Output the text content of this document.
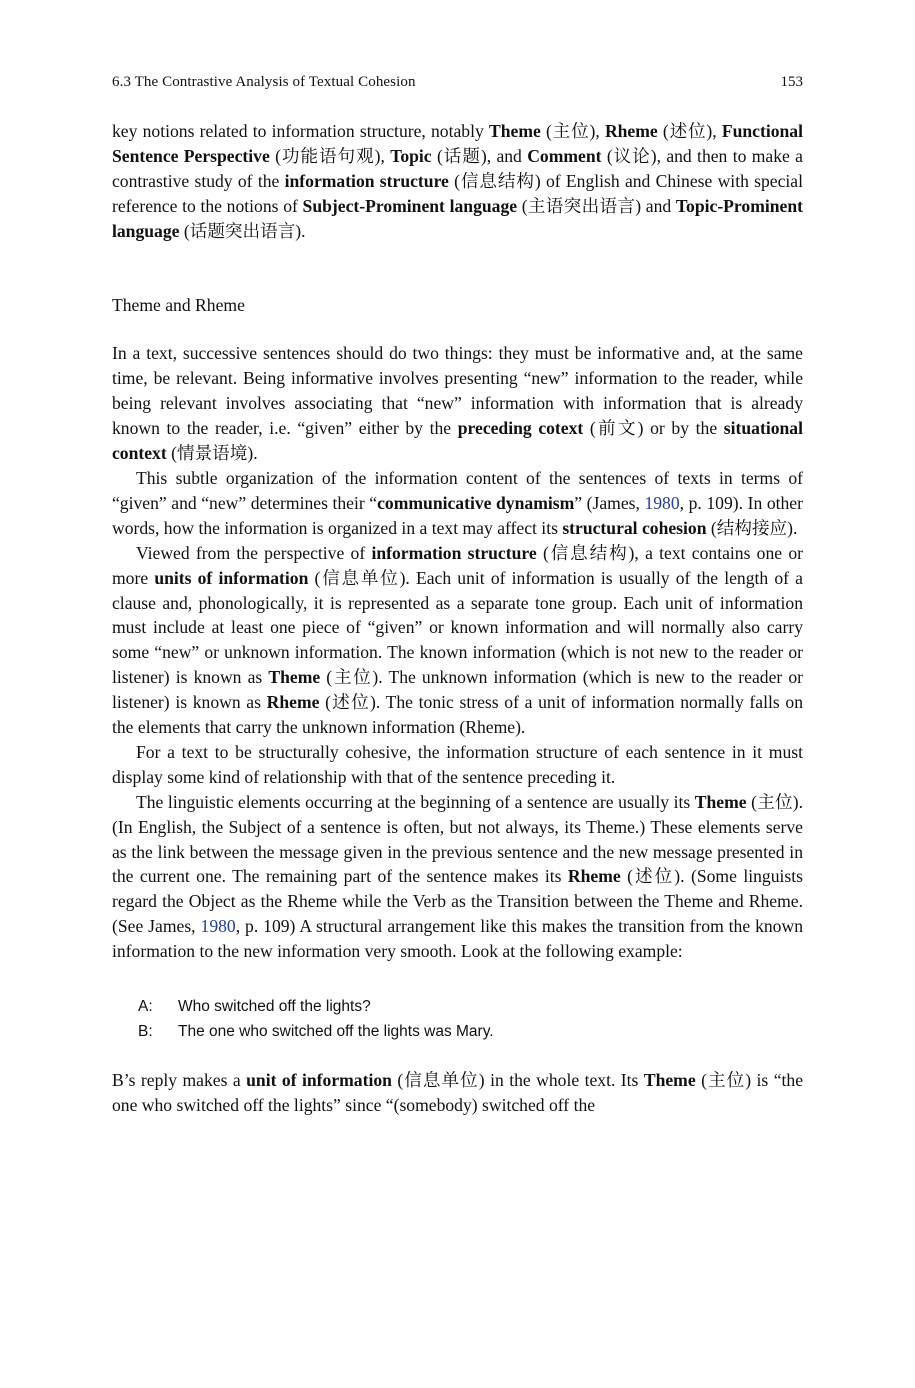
6.3 The Contrastive Analysis of Textual Cohesion	153

key notions related to information structure, notably Theme (主位), Rheme (述位), Functional Sentence Perspective (功能语句观), Topic (话题), and Comment (议论), and then to make a contrastive study of the information structure (信息结构) of English and Chinese with special reference to the notions of Subject-Prominent language (主语突出语言) and Topic-Prominent language (话题突出语言).

Theme and Rheme

In a text, successive sentences should do two things: they must be informative and, at the same time, be relevant. Being informative involves presenting “new” information to the reader, while being relevant involves associating that “new” information with information that is already known to the reader, i.e. “given” either by the preceding cotext (前文) or by the situational context (情景语境).

This subtle organization of the information content of the sentences of texts in terms of “given” and “new” determines their “communicative dynamism” (James, 1980, p. 109). In other words, how the information is organized in a text may affect its structural cohesion (结构接应).

Viewed from the perspective of information structure (信息结构), a text contains one or more units of information (信息单位). Each unit of information is usually of the length of a clause and, phonologically, it is represented as a separate tone group. Each unit of information must include at least one piece of “given” or known information and will normally also carry some “new” or unknown information. The known information (which is not new to the reader or listener) is known as Theme (主位). The unknown information (which is new to the reader or listener) is known as Rheme (述位). The tonic stress of a unit of information normally falls on the elements that carry the unknown information (Rheme).

For a text to be structurally cohesive, the information structure of each sentence in it must display some kind of relationship with that of the sentence preceding it.

The linguistic elements occurring at the beginning of a sentence are usually its Theme (主位). (In English, the Subject of a sentence is often, but not always, its Theme.) These elements serve as the link between the message given in the previous sentence and the new message presented in the current one. The remaining part of the sentence makes its Rheme (述位). (Some linguists regard the Object as the Rheme while the Verb as the Transition between the Theme and Rheme. (See James, 1980, p. 109) A structural arrangement like this makes the transition from the known information to the new information very smooth. Look at the following example:

A:	Who switched off the lights?
B:	The one who switched off the lights was Mary.

B’s reply makes a unit of information (信息单位) in the whole text. Its Theme (主位) is “the one who switched off the lights” since “(somebody) switched off the
